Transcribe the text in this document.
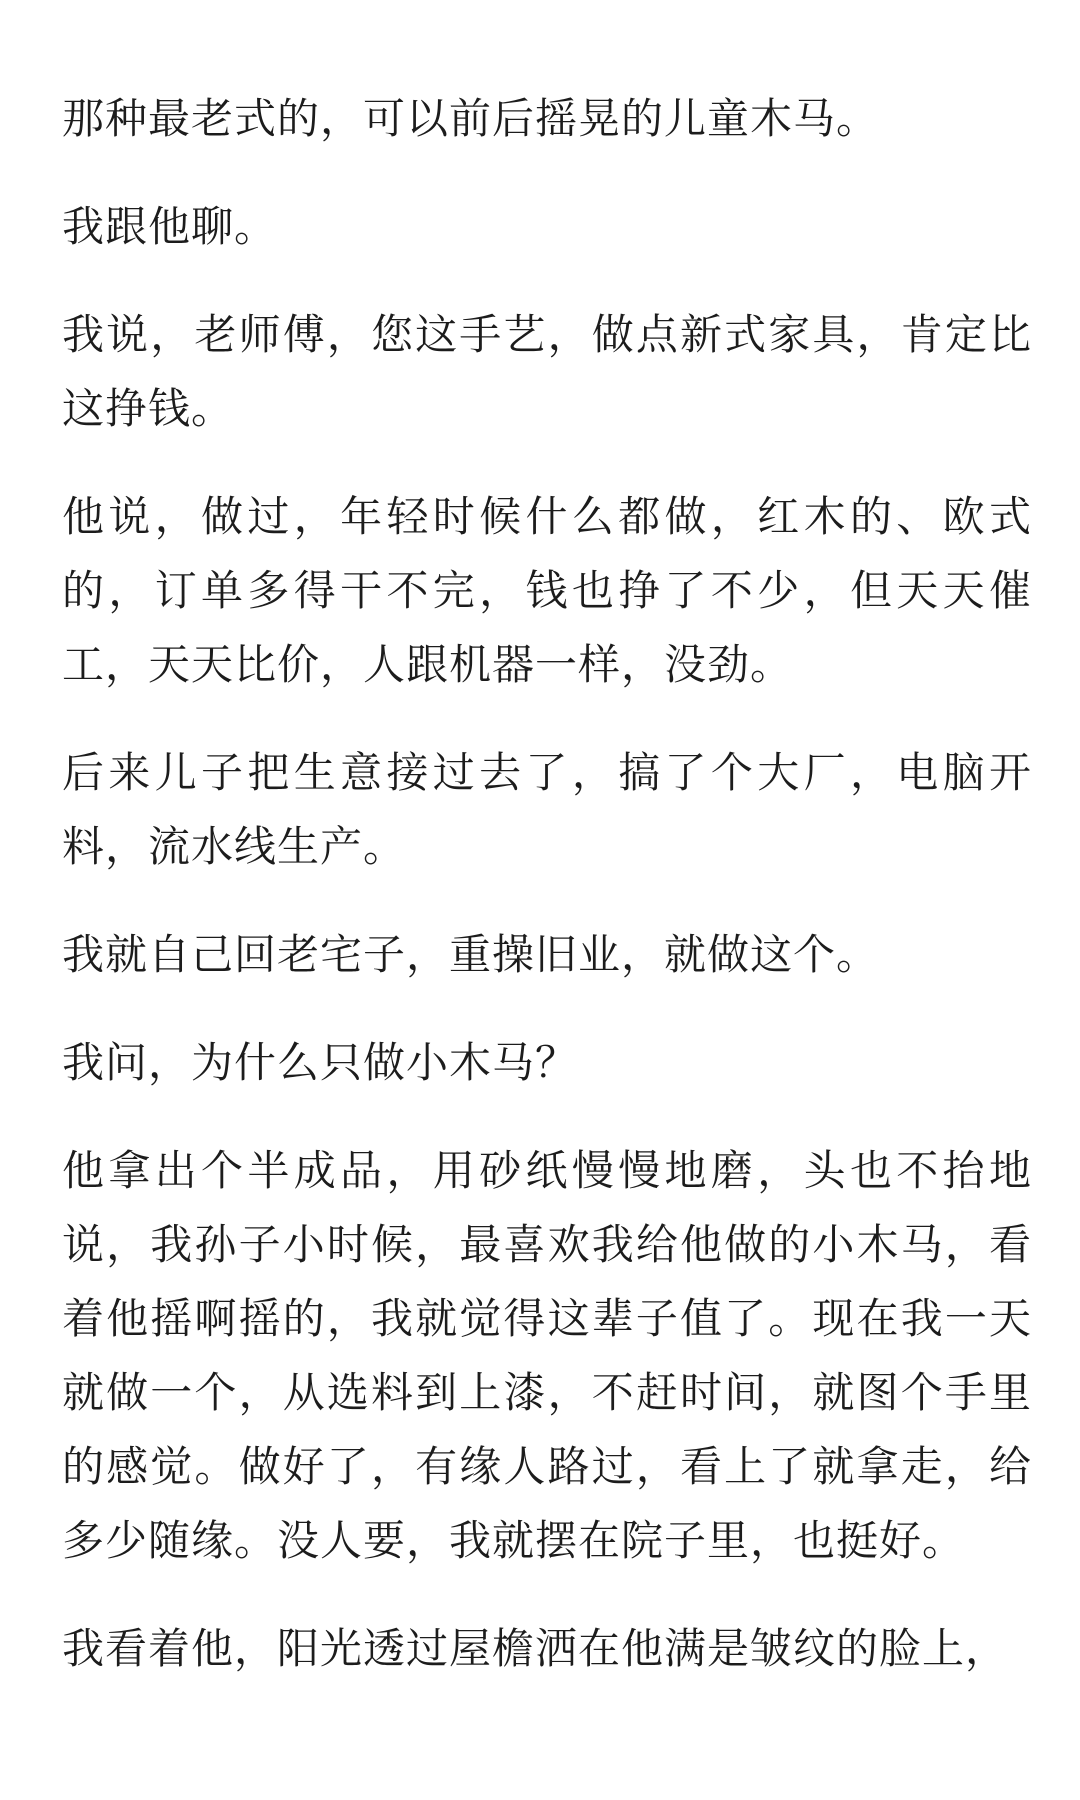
那种最老式的，可以前后摇晃的儿童木马。

我跟他聊。

我说，老师傅，您这手艺，做点新式家具，肯定比这挣钱。

他说，做过，年轻时候什么都做，红木的、欧式的，订单多得干不完，钱也挣了不少，但天天催工，天天比价，人跟机器一样，没劲。

后来儿子把生意接过去了，搞了个大厂，电脑开料，流水线生产。

我就自己回老宅子，重操旧业，就做这个。

我问，为什么只做小木马？

他拿出个半成品，用砂纸慢慢地磨，头也不抬地说，我孙子小时候，最喜欢我给他做的小木马，看着他摇啊摇的，我就觉得这辈子值了。现在我一天就做一个，从选料到上漆，不赶时间，就图个手里的感觉。做好了，有缘人路过，看上了就拿走，给多少随缘。没人要，我就摆在院子里，也挺好。

我看着他，阳光透过屋檐洒在他满是皱纹的脸上，
